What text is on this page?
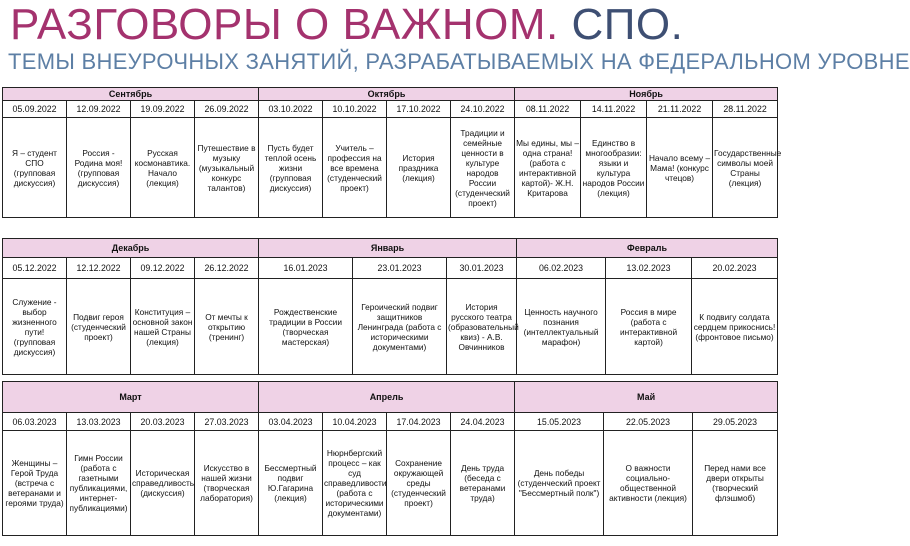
РАЗГОВОРЫ О ВАЖНОМ. СПО.
ТЕМЫ ВНЕУРОЧНЫХ ЗАНЯТИЙ, РАЗРАБАТЫВАЕМЫХ НА ФЕДЕРАЛЬНОМ УРОВНЕ
Сентябрь				Октябрь				Ноябрь			
05.09.2022	12.09.2022	19.09.2022	26.09.2022	03.10.2022	10.10.2022	17.10.2022	24.10.2022	08.11.2022	14.11.2022	21.11.2022	28.11.2022
Я – студент СПО (групповая дискуссия)	Россия - Родина моя! (групповая дискуссия)	Русская космонавтика. Начало (лекция)	Путешествие в музыку (музыкальный конкурс талантов)	Пусть будет теплой осень жизни (групповая дискуссия)	Учитель – профессия на все времена (студенческий проект)	История праздника (лекция)	Традиции и семейные ценности в культуре народов России (студенческий проект)	Мы едины, мы – одна страна! (работа с интерактивной картой)- Ж.Н. Критарова	Единство в многообразии: языки и культура народов России (лекция)	Начало всему – Мама! (конкурс чтецов)	Государственные символы моей Страны (лекция)
Декабрь				Январь			Февраль		
05.12.2022	12.12.2022	09.12.2022	26.12.2022	16.01.2023	23.01.2023	30.01.2023	06.02.2023	13.02.2023	20.02.2023
Служение - выбор жизненного пути! (групповая дискуссия)	Подвиг героя (студенческий проект)	Конституция – основной закон нашей Страны (лекция)	От мечты к открытию (тренинг)	Рождественские традиции в России (творческая мастерская)	Героический подвиг защитников Ленинграда (работа с историческими документами)	История русского театра (образовательный квиз) - А.В. Овчинников	Ценность научного познания (интеллектуальный марафон)	Россия в мире (работа с интерактивной картой)	К подвигу солдата сердцем прикоснись! (фронтовое письмо)
Март				Апрель				Май		
06.03.2023	13.03.2023	20.03.2023	27.03.2023	03.04.2023	10.04.2023	17.04.2023	24.04.2023	15.05.2023	22.05.2023	29.05.2023
Женщины – Герой Труда (встреча с ветеранами и героями труда)	Гимн России (работа с газетными публикациями, интернет-публикациями)	Историческая справедливость (дискуссия)	Искусство в нашей жизни (творческая лаборатория)	Бессмертный подвиг Ю.Гагарина (лекция)	Нюрнбергский процесс – как суд справедливости (работа с историческими документами)	Сохранение окружающей среды (студенческий проект)	День труда (беседа с ветеранами труда)	День победы (студенческий проект "Бессмертный полк")	О важности социально-общественной активности (лекция)	Перед нами все двери открыты (творческий флэшмоб)
